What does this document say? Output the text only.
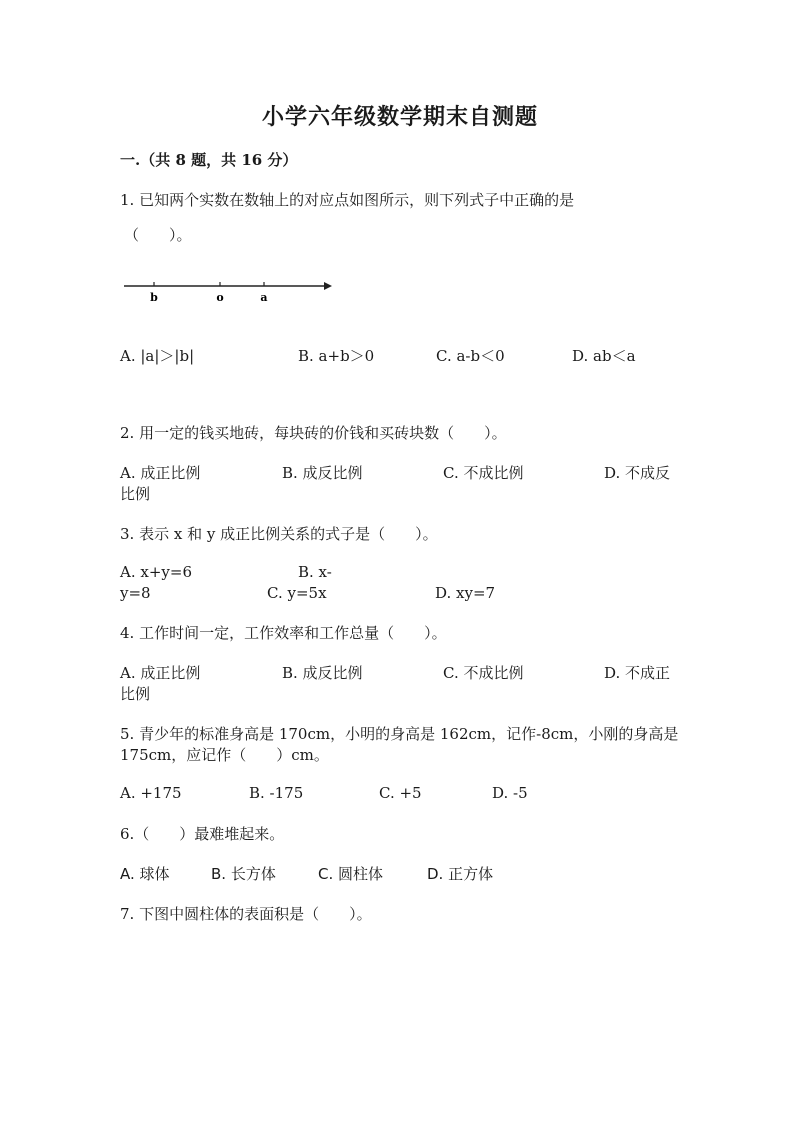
小学六年级数学期末自测题
一.（共 8 题，共 16 分）
1. 已知两个实数在数轴上的对应点如图所示，则下列式子中正确的是
（　　）。
b	o	a
A. |a|＞|b|	B. a+b＞0	C. a-b＜0	D. ab＜a
2. 用一定的钱买地砖，每块砖的价钱和买砖块数（　　）。
A. 成正比例	B. 成反比例	C. 不成比例	D. 不成反
比例
3. 表示 x 和 y 成正比例关系的式子是（　　）。
A. x+y=6	B. x-
y=8	C. y=5x	D. xy=7
4. 工作时间一定，工作效率和工作总量（　　）。
A. 成正比例	B. 成反比例	C. 不成比例	D. 不成正
比例
5. 青少年的标准身高是 170cm，小明的身高是 162cm，记作-8cm，小刚的身高是
175cm，应记作（　　）cm。
A. +175	B. -175	C. +5	D. -5
6.（　　）最难堆起来。
A. 球体	B. 长方体	C. 圆柱体	D. 正方体
7. 下图中圆柱体的表面积是（　　）。
